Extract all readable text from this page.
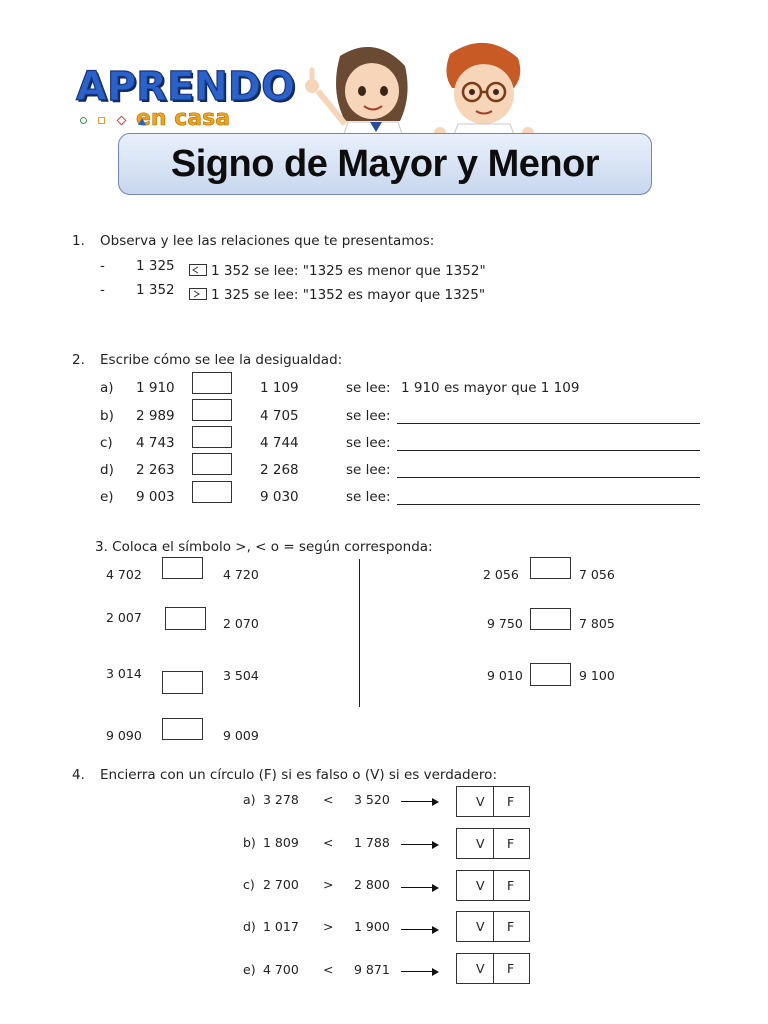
APRENDO
en casa
Signo de Mayor y Menor
1. Observa y lee las relaciones que te presentamos:
- 1 325	1 352 se lee: "1325 es menor que 1352"
- 1 352	1 325 se lee: "1352 es mayor que 1325"
2. Escribe cómo se lee la desigualdad:
a) 1 910	1 109	se lee: 1 910 es mayor que 1 109
b) 2 989	4 705	se lee:
c) 4 743	4 744	se lee:
d) 2 263	2 268	se lee:
e) 9 003	9 030	se lee:
3. Coloca el símbolo >, < o = según corresponda:
4 702	4 720
2 007	2 070
3 014	3 504
9 090	9 009
2 056	7 056
9 750	7 805
9 010	9 100
4. Encierra con un círculo (F) si es falso o (V) si es verdadero:
a) 3 278 < 3 520	V F
b) 1 809 < 1 788	V F
c) 2 700 > 2 800	V F
d) 1 017 > 1 900	V F
e) 4 700 < 9 871	V F
